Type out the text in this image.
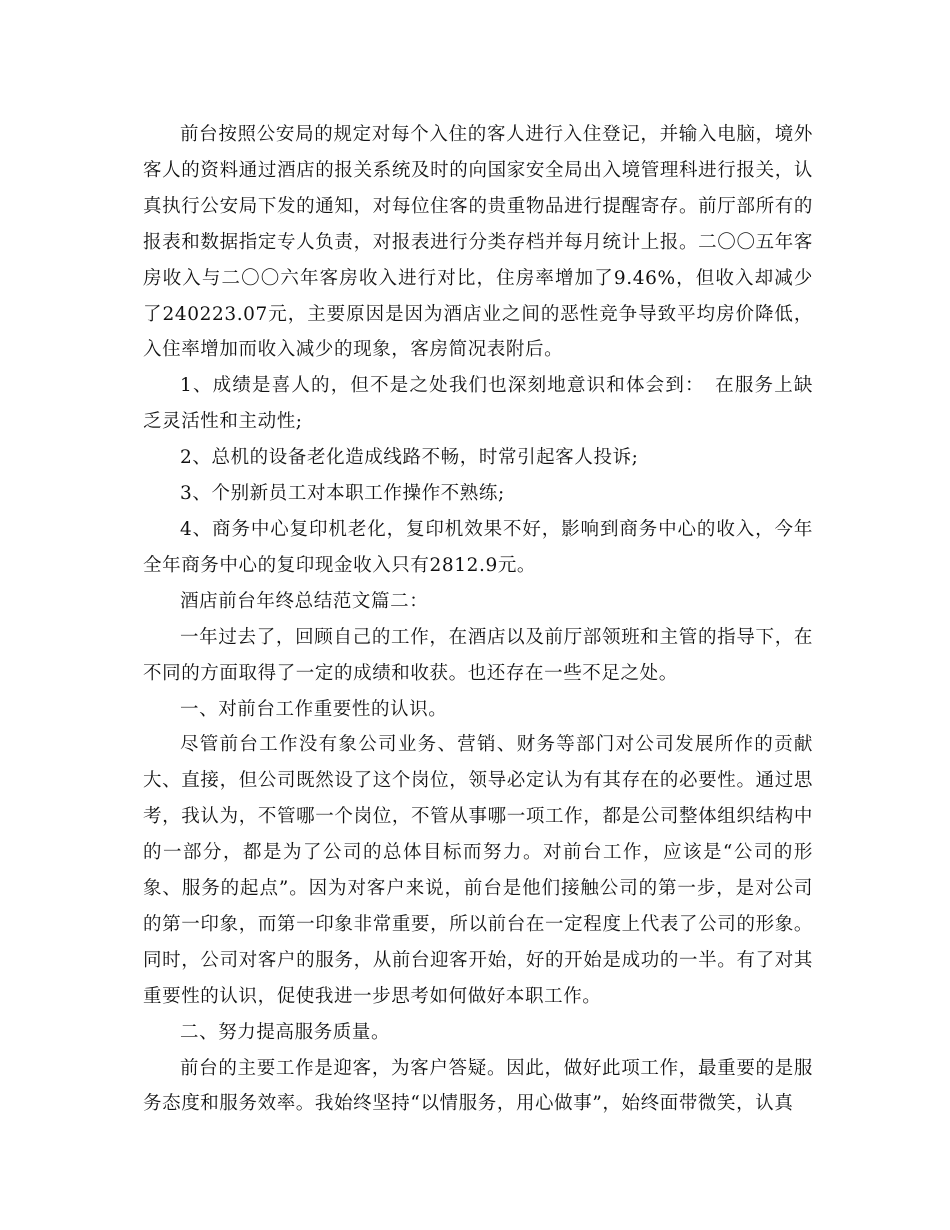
前台按照公安局的规定对每个入住的客人进行入住登记，并输入电脑，境外客人的资料通过酒店的报关系统及时的向国家安全局出入境管理科进行报关，认真执行公安局下发的通知，对每位住客的贵重物品进行提醒寄存。前厅部所有的报表和数据指定专人负责，对报表进行分类存档并每月统计上报。二〇〇五年客房收入与二〇〇六年客房收入进行对比，住房率增加了9.46%，但收入却减少了240223.07元，主要原因是因为酒店业之间的恶性竞争导致平均房价降低，入住率增加而收入减少的现象，客房简况表附后。

1、成绩是喜人的，但不是之处我们也深刻地意识和体会到：　在服务上缺乏灵活性和主动性;

2、总机的设备老化造成线路不畅，时常引起客人投诉;

3、个别新员工对本职工作操作不熟练;

4、商务中心复印机老化，复印机效果不好，影响到商务中心的收入，今年全年商务中心的复印现金收入只有2812.9元。

酒店前台年终总结范文篇二：

一年过去了，回顾自己的工作，在酒店以及前厅部领班和主管的指导下，在不同的方面取得了一定的成绩和收获。也还存在一些不足之处。

一、对前台工作重要性的认识。

尽管前台工作没有象公司业务、营销、财务等部门对公司发展所作的贡献大、直接，但公司既然设了这个岗位，领导必定认为有其存在的必要性。通过思考，我认为，不管哪一个岗位，不管从事哪一项工作，都是公司整体组织结构中的一部分，都是为了公司的总体目标而努力。对前台工作，应该是“公司的形象、服务的起点”。因为对客户来说，前台是他们接触公司的第一步，是对公司的第一印象，而第一印象非常重要，所以前台在一定程度上代表了公司的形象。同时，公司对客户的服务，从前台迎客开始，好的开始是成功的一半。有了对其重要性的认识，促使我进一步思考如何做好本职工作。

二、努力提高服务质量。

前台的主要工作是迎客，为客户答疑。因此，做好此项工作，最重要的是服务态度和服务效率。我始终坚持“以情服务，用心做事”，始终面带微笑，认真
